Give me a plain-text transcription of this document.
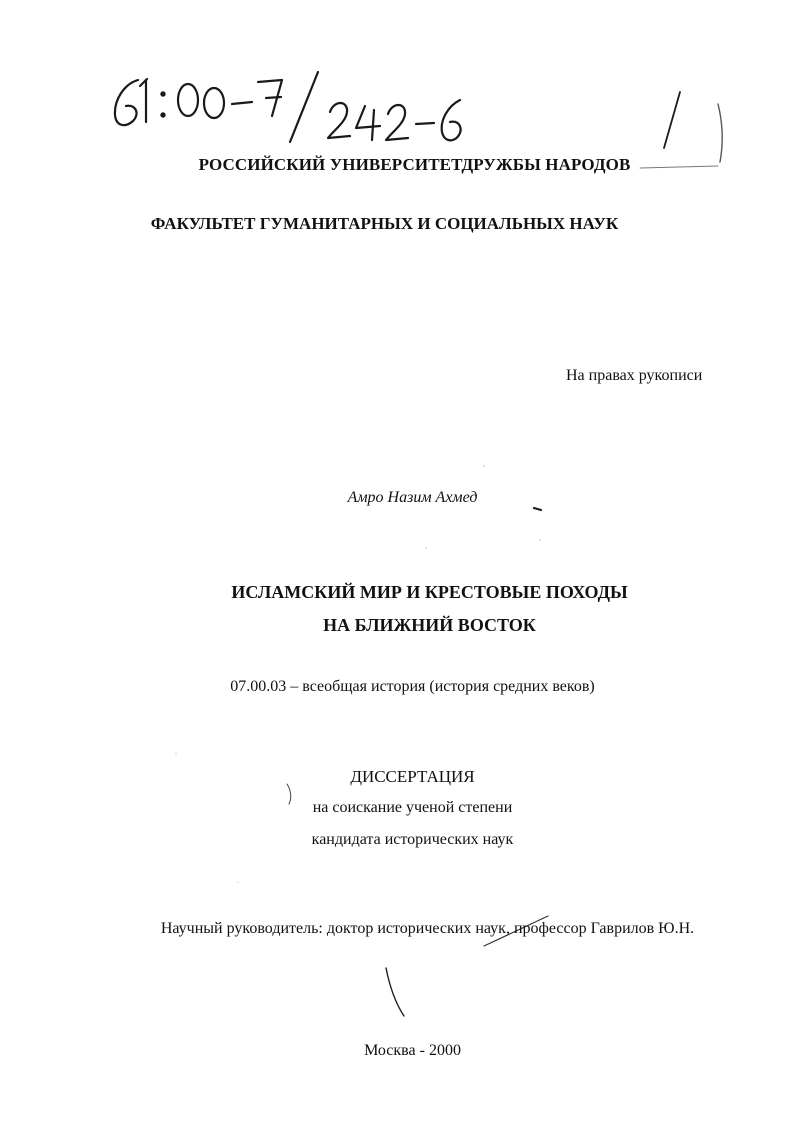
РОССИЙСКИЙ УНИВЕРСИТЕТДРУЖБЫ НАРОДОВ
ФАКУЛЬТЕТ ГУМАНИТАРНЫХ И СОЦИАЛЬНЫХ НАУК
На правах рукописи
Амро Назим Ахмед
ИСЛАМСКИЙ МИР И КРЕСТОВЫЕ ПОХОДЫ
НА БЛИЖНИЙ ВОСТОК
07.00.03 – всеобщая история (история средних веков)
ДИССЕРТАЦИЯ
на соискание ученой степени
кандидата исторических наук
Научный руководитель: доктор исторических наук, профессор Гаврилов Ю.Н.
Москва - 2000
